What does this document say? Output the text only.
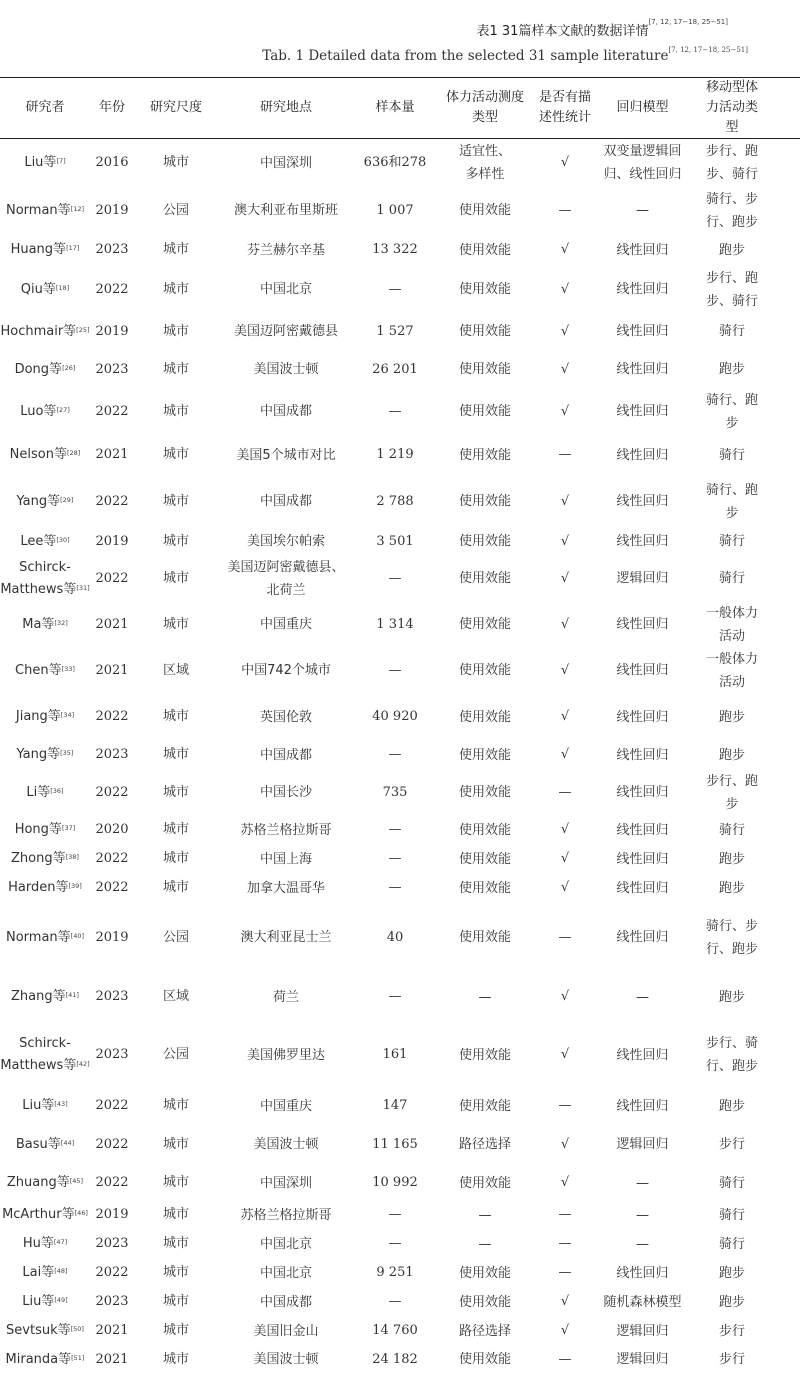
表1 31篇样本文献的数据详情[7, 12, 17−18, 25−51]
Tab. 1 Detailed data from the selected 31 sample literature[7, 12, 17−18, 25−51]
研究者	年份	研究尺度	研究地点	样本量	体力活动测度类型	是否有描述性统计	回归模型	移动型体力活动类型

Liu等[7]	2016	城市	中国深圳	636和278	适宜性、多样性	√	双变量逻辑回归、线性回归	步行、跑步、骑行

Norman等[12]	2019	公园	澳大利亚布里斯班	1 007	使用效能	—	—	骑行、步行、跑步

Huang等[17]	2023	城市	芬兰赫尔辛基	13 322	使用效能	√	线性回归	跑步

Qiu等[18]	2022	城市	中国北京	—	使用效能	√	线性回归	步行、跑步、骑行

Hochmair等[25]	2019	城市	美国迈阿密戴德县	1 527	使用效能	√	线性回归	骑行

Dong等[26]	2023	城市	美国波士顿	26 201	使用效能	√	线性回归	跑步

Luo等[27]	2022	城市	中国成都	—	使用效能	√	线性回归	骑行、跑步

Nelson等[28]	2021	城市	美国5个城市对比	1 219	使用效能	—	线性回归	骑行

Yang等[29]	2022	城市	中国成都	2 788	使用效能	√	线性回归	骑行、跑步

Lee等[30]	2019	城市	美国埃尔帕索	3 501	使用效能	√	线性回归	骑行

Schirck-Matthews等[31]	2022	城市	美国迈阿密戴德县、北荷兰	—	使用效能	√	逻辑回归	骑行

Ma等[32]	2021	城市	中国重庆	1 314	使用效能	√	线性回归	一般体力活动

Chen等[33]	2021	区域	中国742个城市	—	使用效能	√	线性回归	一般体力活动

Jiang等[34]	2022	城市	英国伦敦	40 920	使用效能	√	线性回归	跑步

Yang等[35]	2023	城市	中国成都	—	使用效能	√	线性回归	跑步

Li等[36]	2022	城市	中国长沙	735	使用效能	—	线性回归	步行、跑步

Hong等[37]	2020	城市	苏格兰格拉斯哥	—	使用效能	√	线性回归	骑行

Zhong等[38]	2022	城市	中国上海	—	使用效能	√	线性回归	跑步

Harden等[39]	2022	城市	加拿大温哥华	—	使用效能	√	线性回归	跑步

Norman等[40]	2019	公园	澳大利亚昆士兰	40	使用效能	—	线性回归	骑行、步行、跑步

Zhang等[41]	2023	区域	荷兰	—	—	√	—	跑步

Schirck-Matthews等[42]	2023	公园	美国佛罗里达	161	使用效能	√	线性回归	步行、骑行、跑步

Liu等[43]	2022	城市	中国重庆	147	使用效能	—	线性回归	跑步

Basu等[44]	2022	城市	美国波士顿	11 165	路径选择	√	逻辑回归	步行

Zhuang等[45]	2022	城市	中国深圳	10 992	使用效能	√	—	骑行

McArthur等[46]	2019	城市	苏格兰格拉斯哥	—	—	—	—	骑行

Hu等[47]	2023	城市	中国北京	—	—	—	—	骑行

Lai等[48]	2022	城市	中国北京	9 251	使用效能	—	线性回归	跑步

Liu等[49]	2023	城市	中国成都	—	使用效能	√	随机森林模型	跑步

Sevtsuk等[50]	2021	城市	美国旧金山	14 760	路径选择	√	逻辑回归	步行

Miranda等[51]	2021	城市	美国波士顿	24 182	使用效能	—	逻辑回归	步行
